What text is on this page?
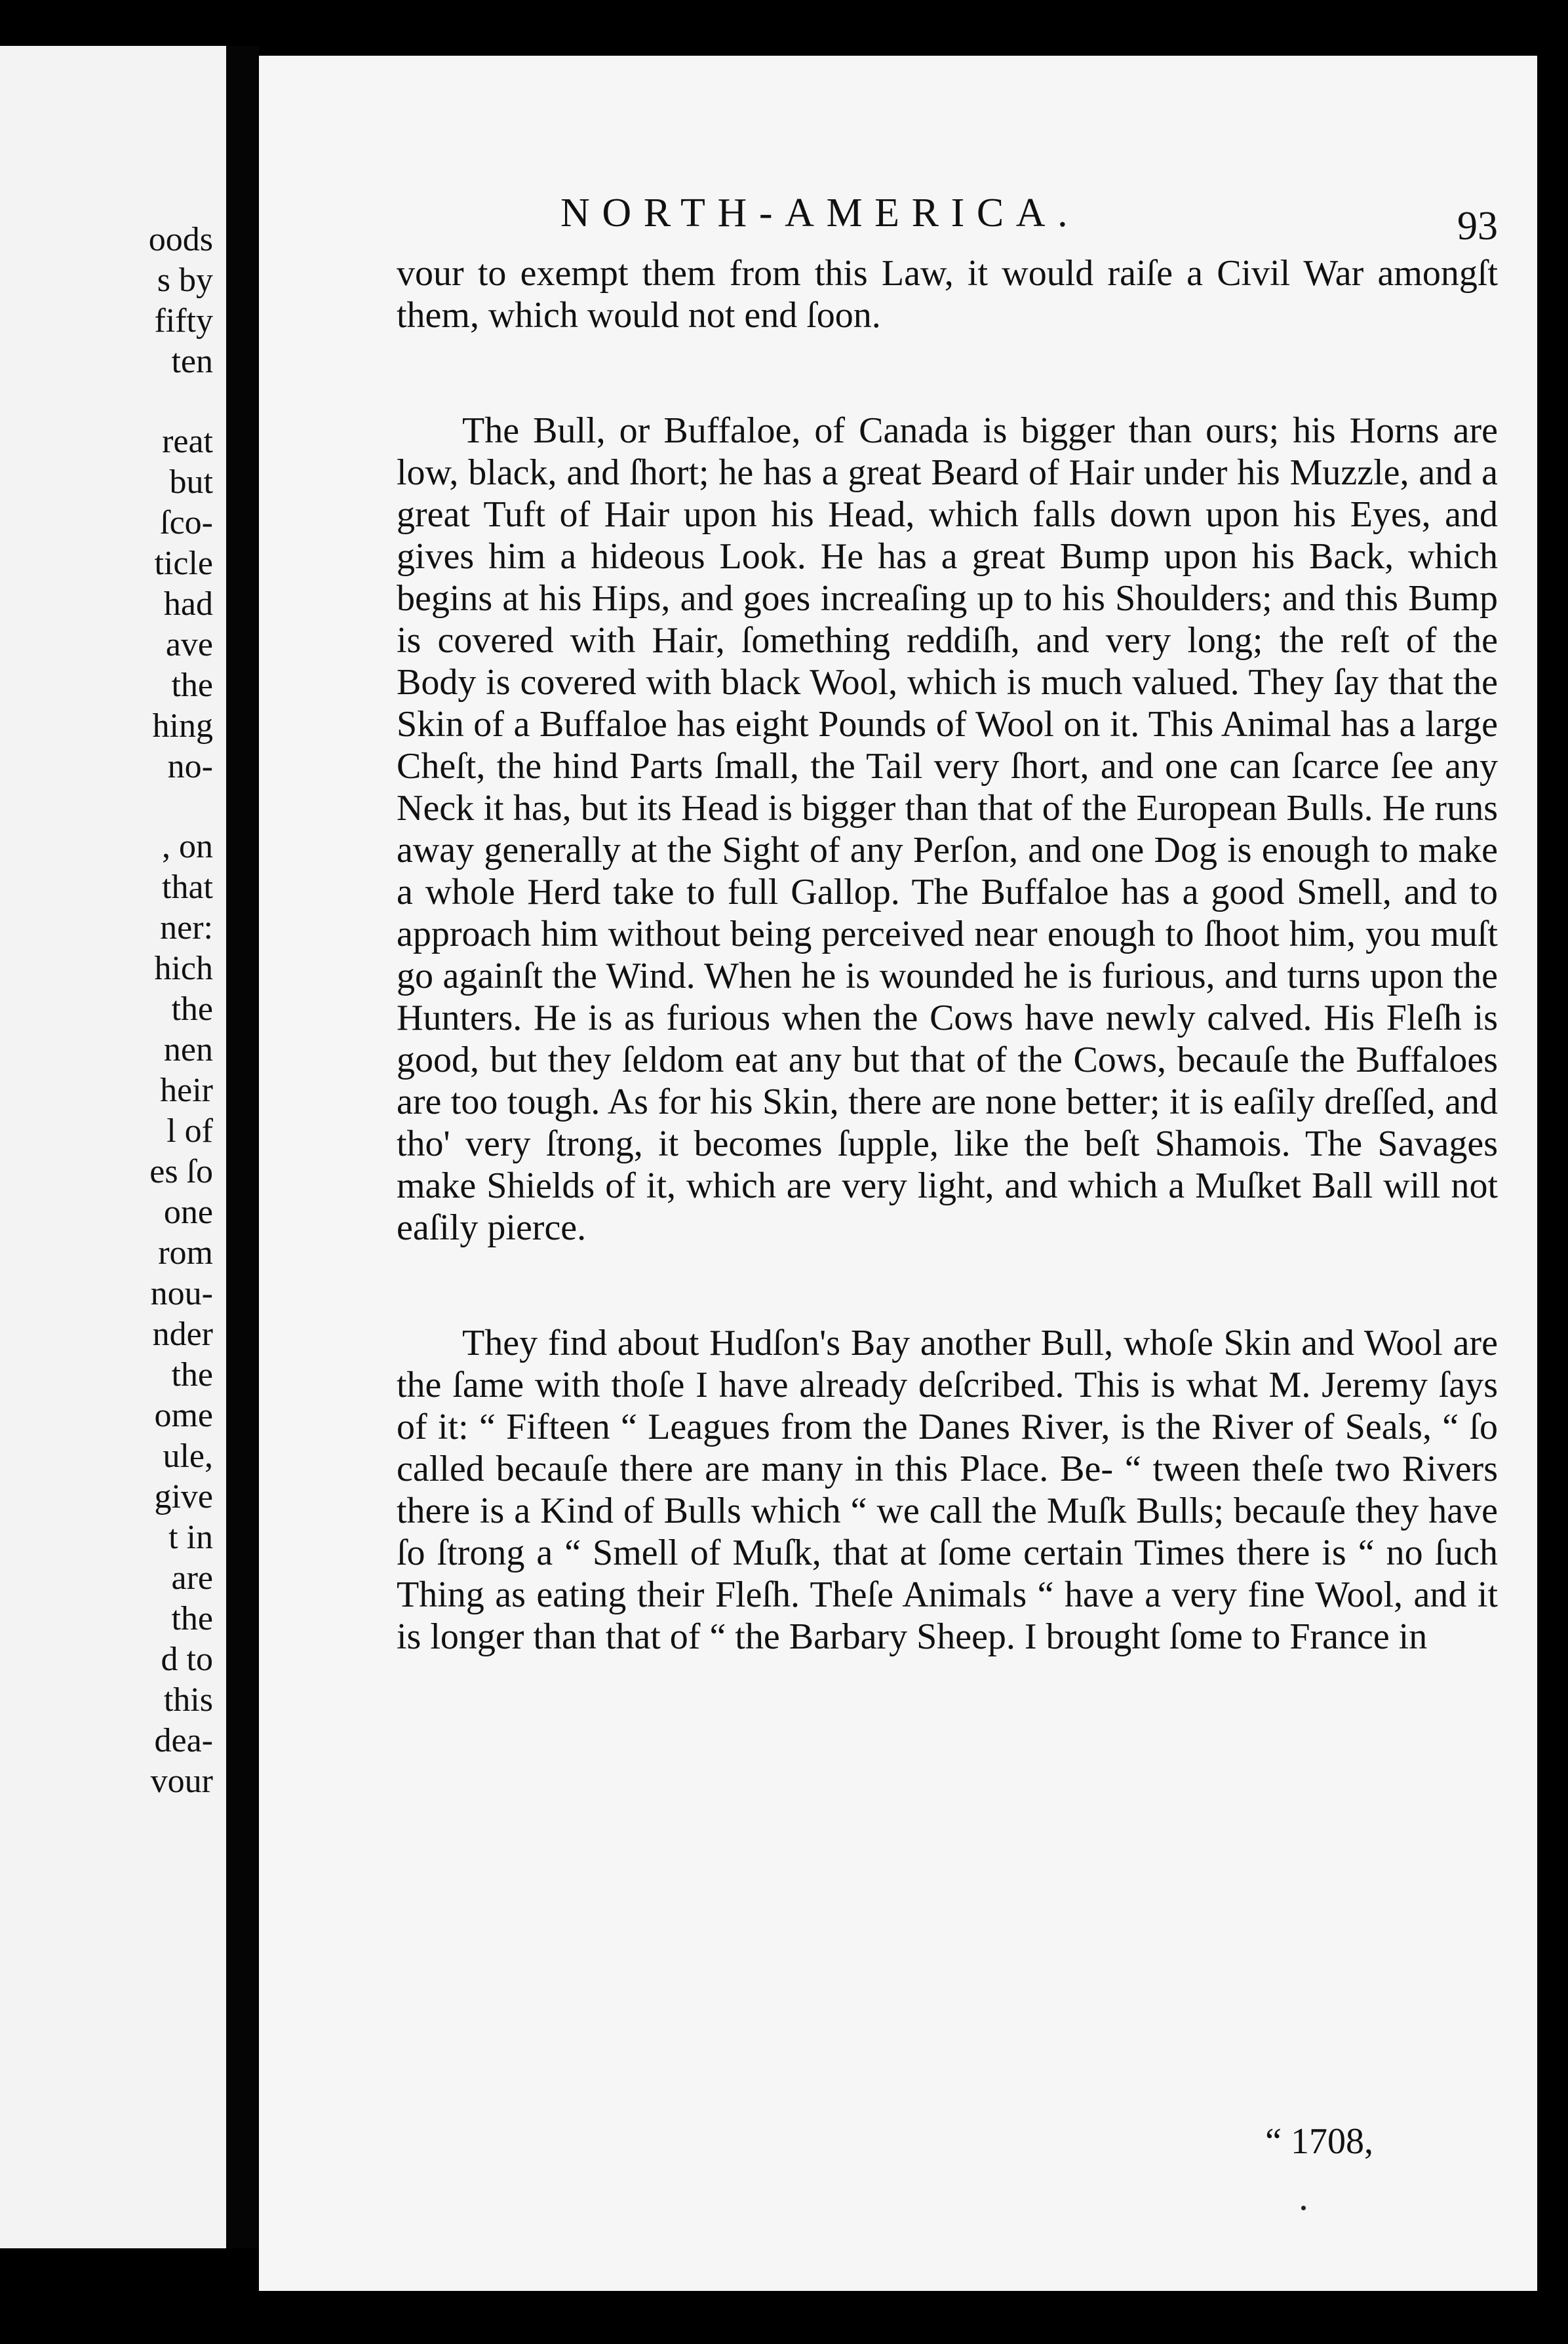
oods
s by
fifty
ten
reat
but
ſco-
ticle
had
ave
the
hing
no-
, on
that
ner:
hich
the
nen
heir
l of
es ſo
one
rom
nou-
nder
the
ome
ule,
give
t in
are
the
d to
this
dea-
vour
NORTH-AMERICA.	93

vour to exempt them from this Law, it would raiſe a Civil War amongſt them, which would not end ſoon.

The Bull, or Buffaloe, of Canada is bigger than ours; his Horns are low, black, and ſhort; he has a great Beard of Hair under his Muzzle, and a great Tuft of Hair upon his Head, which falls down upon his Eyes, and gives him a hideous Look. He has a great Bump upon his Back, which begins at his Hips, and goes increaſing up to his Shoulders; and this Bump is covered with Hair, ſomething reddiſh, and very long; the reſt of the Body is covered with black Wool, which is much valued. They ſay that the Skin of a Buffaloe has eight Pounds of Wool on it. This Animal has a large Cheſt, the hind Parts ſmall, the Tail very ſhort, and one can ſcarce ſee any Neck it has, but its Head is bigger than that of the European Bulls. He runs away generally at the Sight of any Perſon, and one Dog is enough to make a whole Herd take to full Gallop. The Buffaloe has a good Smell, and to approach him without being perceived near enough to ſhoot him, you muſt go againſt the Wind. When he is wounded he is furious, and turns upon the Hunters. He is as furious when the Cows have newly calved. His Fleſh is good, but they ſeldom eat any but that of the Cows, becauſe the Buffaloes are too tough. As for his Skin, there are none better; it is eaſily dreſſed, and tho' very ſtrong, it becomes ſupple, like the beſt Shamois. The Savages make Shields of it, which are very light, and which a Muſket Ball will not eaſily pierce.

They find about Hudſon's Bay another Bull, whoſe Skin and Wool are the ſame with thoſe I have already deſcribed. This is what M. Jeremy ſays of it: “ Fifteen “ Leagues from the Danes River, is the River of Seals, “ ſo called becauſe there are many in this Place. Be- “ tween theſe two Rivers there is a Kind of Bulls which “ we call the Muſk Bulls; becauſe they have ſo ſtrong a “ Smell of Muſk, that at ſome certain Times there is “ no ſuch Thing as eating their Fleſh. Theſe Animals “ have a very fine Wool, and it is longer than that of “ the Barbary Sheep. I brought ſome to France in

“ 1708,
